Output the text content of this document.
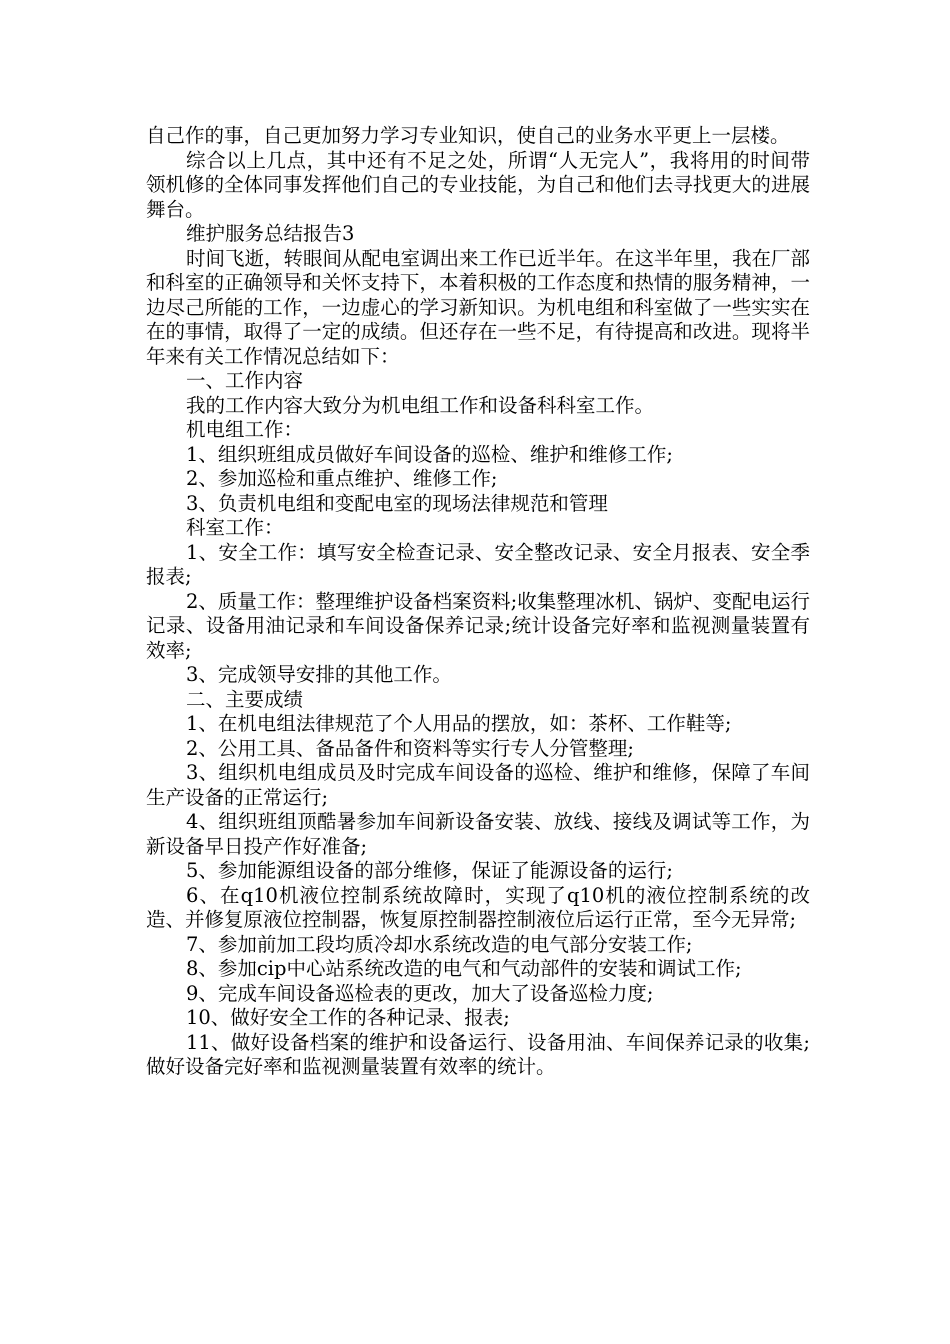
自己作的事，自己更加努力学习专业知识，使自己的业务水平更上一层楼。

综合以上几点，其中还有不足之处，所谓“人无完人”，我将用的时间带领机修的全体同事发挥他们自己的专业技能，为自己和他们去寻找更大的进展舞台。

维护服务总结报告3

时间飞逝，转眼间从配电室调出来工作已近半年。在这半年里，我在厂部和科室的正确领导和关怀支持下，本着积极的工作态度和热情的服务精神，一边尽己所能的工作，一边虚心的学习新知识。为机电组和科室做了一些实实在在的事情，取得了一定的成绩。但还存在一些不足，有待提高和改进。现将半年来有关工作情况总结如下：

一、工作内容

我的工作内容大致分为机电组工作和设备科科室工作。

机电组工作：

1、组织班组成员做好车间设备的巡检、维护和维修工作;

2、参加巡检和重点维护、维修工作;

3、负责机电组和变配电室的现场法律规范和管理

科室工作：

1、安全工作：填写安全检查记录、安全整改记录、安全月报表、安全季报表;

2、质量工作：整理维护设备档案资料;收集整理冰机、锅炉、变配电运行记录、设备用油记录和车间设备保养记录;统计设备完好率和监视测量装置有效率;

3、完成领导安排的其他工作。

二、主要成绩

1、在机电组法律规范了个人用品的摆放，如：茶杯、工作鞋等;

2、公用工具、备品备件和资料等实行专人分管整理;

3、组织机电组成员及时完成车间设备的巡检、维护和维修，保障了车间生产设备的正常运行;

4、组织班组顶酷暑参加车间新设备安装、放线、接线及调试等工作，为新设备早日投产作好准备;

5、参加能源组设备的部分维修，保证了能源设备的运行;

6、在q10机液位控制系统故障时，实现了q10机的液位控制系统的改造、并修复原液位控制器，恢复原控制器控制液位后运行正常，至今无异常;

7、参加前加工段均质冷却水系统改造的电气部分安装工作;

8、参加cip中心站系统改造的电气和气动部件的安装和调试工作;

9、完成车间设备巡检表的更改，加大了设备巡检力度;

10、做好安全工作的各种记录、报表;

11、做好设备档案的维护和设备运行、设备用油、车间保养记录的收集;做好设备完好率和监视测量装置有效率的统计。
